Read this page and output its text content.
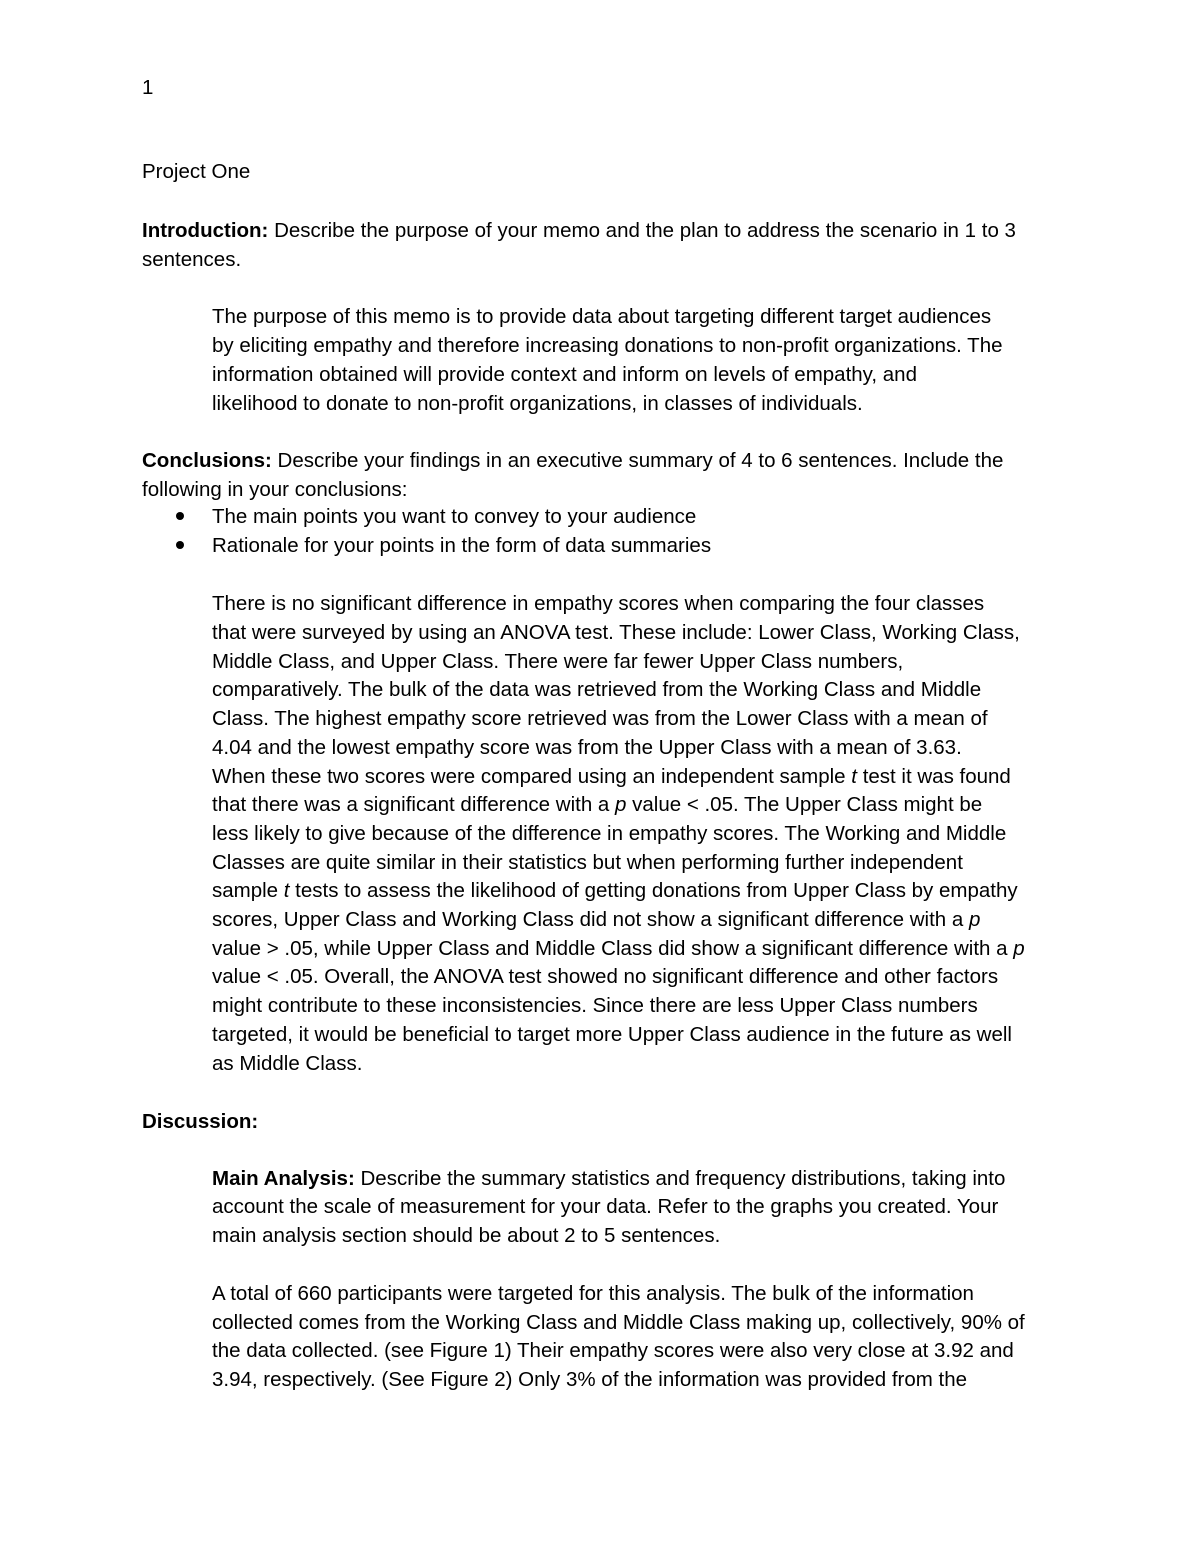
1
Project One
Introduction: Describe the purpose of your memo and the plan to address the scenario in 1 to 3
sentences.
The purpose of this memo is to provide data about targeting different target audiences
by eliciting empathy and therefore increasing donations to non-profit organizations. The
information obtained will provide context and inform on levels of empathy, and
likelihood to donate to non-profit organizations, in classes of individuals.
Conclusions: Describe your findings in an executive summary of 4 to 6 sentences. Include the
following in your conclusions:
The main points you want to convey to your audience
Rationale for your points in the form of data summaries
There is no significant difference in empathy scores when comparing the four classes
that were surveyed by using an ANOVA test. These include: Lower Class, Working Class,
Middle Class, and Upper Class. There were far fewer Upper Class numbers,
comparatively. The bulk of the data was retrieved from the Working Class and Middle
Class. The highest empathy score retrieved was from the Lower Class with a mean of
4.04 and the lowest empathy score was from the Upper Class with a mean of 3.63.
When these two scores were compared using an independent sample t test it was found
that there was a significant difference with a p value < .05. The Upper Class might be
less likely to give because of the difference in empathy scores. The Working and Middle
Classes are quite similar in their statistics but when performing further independent
sample t tests to assess the likelihood of getting donations from Upper Class by empathy
scores, Upper Class and Working Class did not show a significant difference with a p
value > .05, while Upper Class and Middle Class did show a significant difference with a p
value < .05. Overall, the ANOVA test showed no significant difference and other factors
might contribute to these inconsistencies. Since there are less Upper Class numbers
targeted, it would be beneficial to target more Upper Class audience in the future as well
as Middle Class.
Discussion:
Main Analysis: Describe the summary statistics and frequency distributions, taking into
account the scale of measurement for your data. Refer to the graphs you created. Your
main analysis section should be about 2 to 5 sentences.
A total of 660 participants were targeted for this analysis. The bulk of the information
collected comes from the Working Class and Middle Class making up, collectively, 90% of
the data collected. (see Figure 1) Their empathy scores were also very close at 3.92 and
3.94, respectively. (See Figure 2) Only 3% of the information was provided from the
